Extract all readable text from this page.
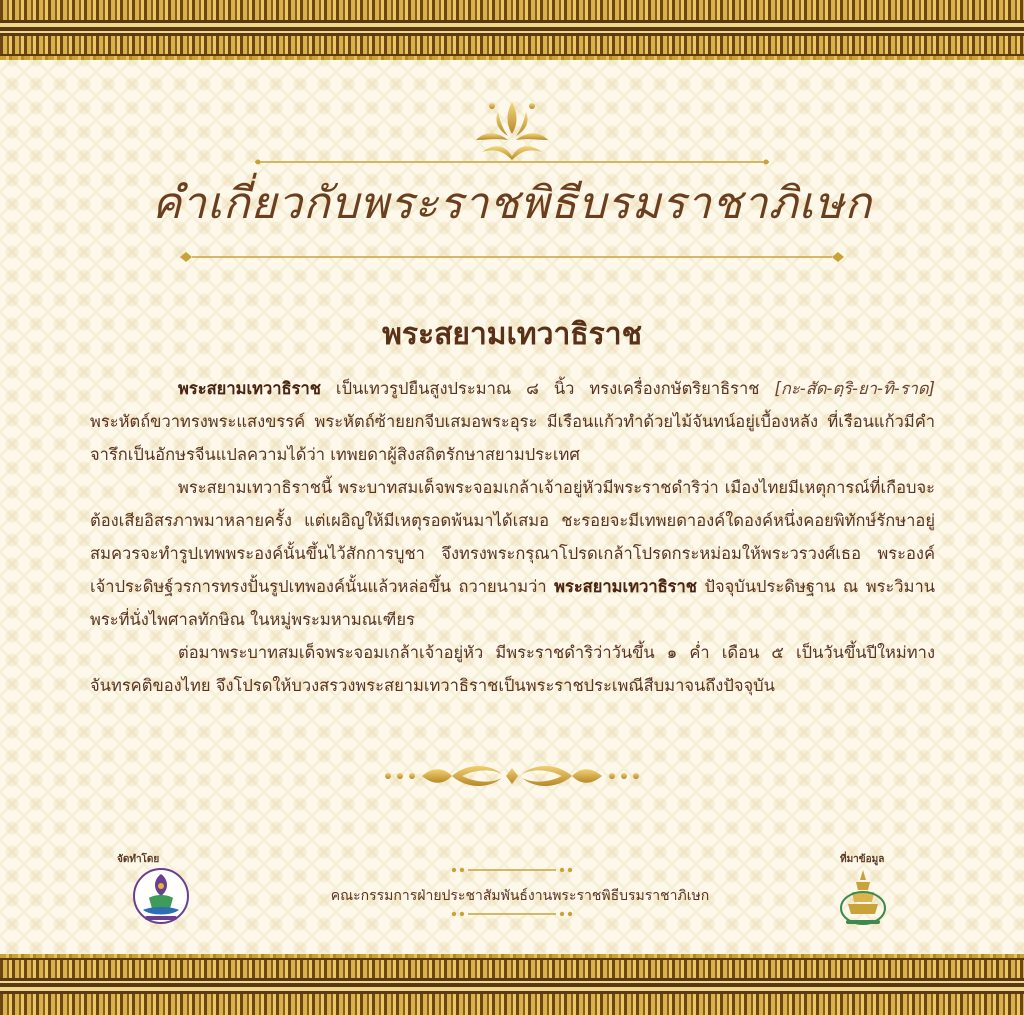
คำเกี่ยวกับพระราชพิธีบรมราชาภิเษก
พระสยามเทวาธิราช

พระสยามเทวาธิราช เป็นเทวรูปยืนสูงประมาณ ๘ นิ้ว ทรงเครื่องกษัตริยาธิราช [กะ-สัด-ตฺริ-ยา-ทิ-ราด] พระหัตถ์ขวาทรงพระแสงขรรค์ พระหัตถ์ซ้ายยกจีบเสมอพระอุระ มีเรือนแก้วทำด้วยไม้จันทน์อยู่เบื้องหลัง ที่เรือนแก้วมีคำจารึกเป็นอักษรจีนแปลความได้ว่า เทพยดาผู้สิงสถิตรักษาสยามประเทศ

พระสยามเทวาธิราชนี้ พระบาทสมเด็จพระจอมเกล้าเจ้าอยู่หัวมีพระราชดำริว่า เมืองไทยมีเหตุการณ์ที่เกือบจะต้องเสียอิสรภาพมาหลายครั้ง แต่เผอิญให้มีเหตุรอดพ้นมาได้เสมอ ชะรอยจะมีเทพยดาองค์ใดองค์หนึ่งคอยพิทักษ์รักษาอยู่ สมควรจะทำรูปเทพพระองค์นั้นขึ้นไว้สักการบูชา จึงทรงพระกรุณาโปรดเกล้าโปรดกระหม่อมให้พระวรวงศ์เธอ พระองค์เจ้าประดิษฐ์วรการทรงปั้นรูปเทพองค์นั้นแล้วหล่อขึ้น ถวายนามว่า พระสยามเทวาธิราช ปัจจุบันประดิษฐาน ณ พระวิมาน พระที่นั่งไพศาลทักษิณ ในหมู่พระมหามณเฑียร

ต่อมาพระบาทสมเด็จพระจอมเกล้าเจ้าอยู่หัว มีพระราชดำริว่าวันขึ้น ๑ ค่ำ เดือน ๕ เป็นวันขึ้นปีใหม่ทางจันทรคติของไทย จึงโปรดให้บวงสรวงพระสยามเทวาธิราชเป็นพระราชประเพณีสืบมาจนถึงปัจจุบัน

จัดทำโดย

คณะกรรมการฝ่ายประชาสัมพันธ์งานพระราชพิธีบรมราชาภิเษก

ที่มาข้อมูล
